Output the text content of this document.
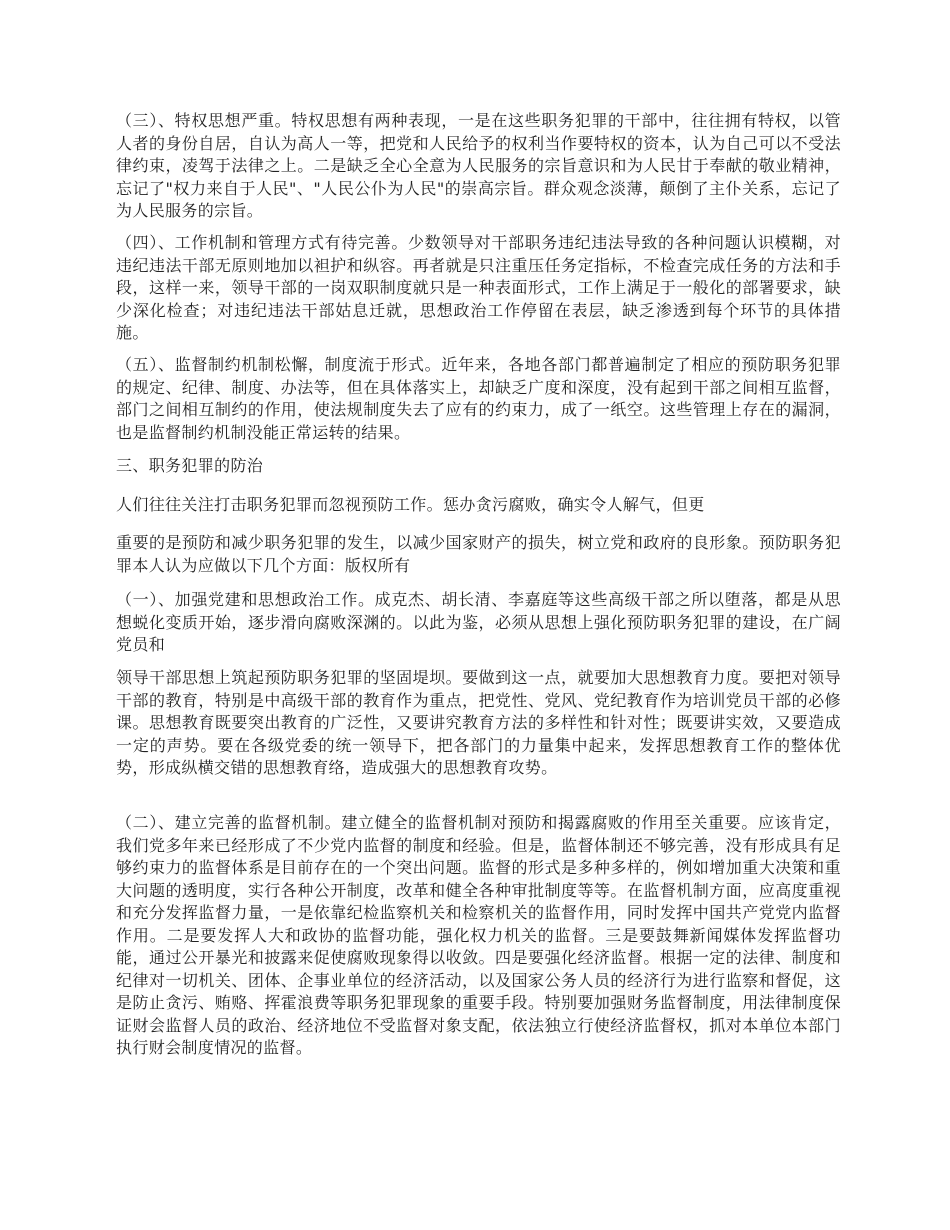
（三）、特权思想严重。特权思想有两种表现，一是在这些职务犯罪的干部中，往往拥有特权，以管人者的身份自居，自认为高人一等，把党和人民给予的权利当作要特权的资本，认为自己可以不受法律约束，凌驾于法律之上。二是缺乏全心全意为人民服务的宗旨意识和为人民甘于奉献的敬业精神，忘记了"权力来自于人民"、"人民公仆为人民"的崇高宗旨。群众观念淡薄，颠倒了主仆关系，忘记了为人民服务的宗旨。

（四）、工作机制和管理方式有待完善。少数领导对干部职务违纪违法导致的各种问题认识模糊，对违纪违法干部无原则地加以袒护和纵容。再者就是只注重压任务定指标，不检查完成任务的方法和手段，这样一来，领导干部的一岗双职制度就只是一种表面形式，工作上满足于一般化的部署要求，缺少深化检查；对违纪违法干部姑息迁就，思想政治工作停留在表层，缺乏渗透到每个环节的具体措施。

（五）、监督制约机制松懈，制度流于形式。近年来，各地各部门都普遍制定了相应的预防职务犯罪的规定、纪律、制度、办法等，但在具体落实上，却缺乏广度和深度，没有起到干部之间相互监督，部门之间相互制约的作用，使法规制度失去了应有的约束力，成了一纸空。这些管理上存在的漏洞，也是监督制约机制没能正常运转的结果。

三、职务犯罪的防治

人们往往关注打击职务犯罪而忽视预防工作。惩办贪污腐败，确实令人解气，但更

重要的是预防和减少职务犯罪的发生，以减少国家财产的损失，树立党和政府的良形象。预防职务犯罪本人认为应做以下几个方面：版权所有

（一）、加强党建和思想政治工作。成克杰、胡长清、李嘉庭等这些高级干部之所以堕落，都是从思想蜕化变质开始，逐步滑向腐败深渊的。以此为鉴，必须从思想上强化预防职务犯罪的建设，在广阔党员和

领导干部思想上筑起预防职务犯罪的坚固堤坝。要做到这一点，就要加大思想教育力度。要把对领导干部的教育，特别是中高级干部的教育作为重点，把党性、党风、党纪教育作为培训党员干部的必修课。思想教育既要突出教育的广泛性，又要讲究教育方法的多样性和针对性；既要讲实效，又要造成一定的声势。要在各级党委的统一领导下，把各部门的力量集中起来，发挥思想教育工作的整体优势，形成纵横交错的思想教育络，造成强大的思想教育攻势。

（二）、建立完善的监督机制。建立健全的监督机制对预防和揭露腐败的作用至关重要。应该肯定，我们党多年来已经形成了不少党内监督的制度和经验。但是，监督体制还不够完善，没有形成具有足够约束力的监督体系是目前存在的一个突出问题。监督的形式是多种多样的，例如增加重大决策和重大问题的透明度，实行各种公开制度，改革和健全各种审批制度等等。在监督机制方面，应高度重视和充分发挥监督力量，一是依靠纪检监察机关和检察机关的监督作用，同时发挥中国共产党党内监督作用。二是要发挥人大和政协的监督功能，强化权力机关的监督。三是要鼓舞新闻媒体发挥监督功能，通过公开暴光和披露来促使腐败现象得以收敛。四是要强化经济监督。根据一定的法律、制度和纪律对一切机关、团体、企事业单位的经济活动，以及国家公务人员的经济行为进行监察和督促，这是防止贪污、贿赂、挥霍浪费等职务犯罪现象的重要手段。特别要加强财务监督制度，用法律制度保证财会监督人员的政治、经济地位不受监督对象支配，依法独立行使经济监督权，抓对本单位本部门执行财会制度情况的监督。
